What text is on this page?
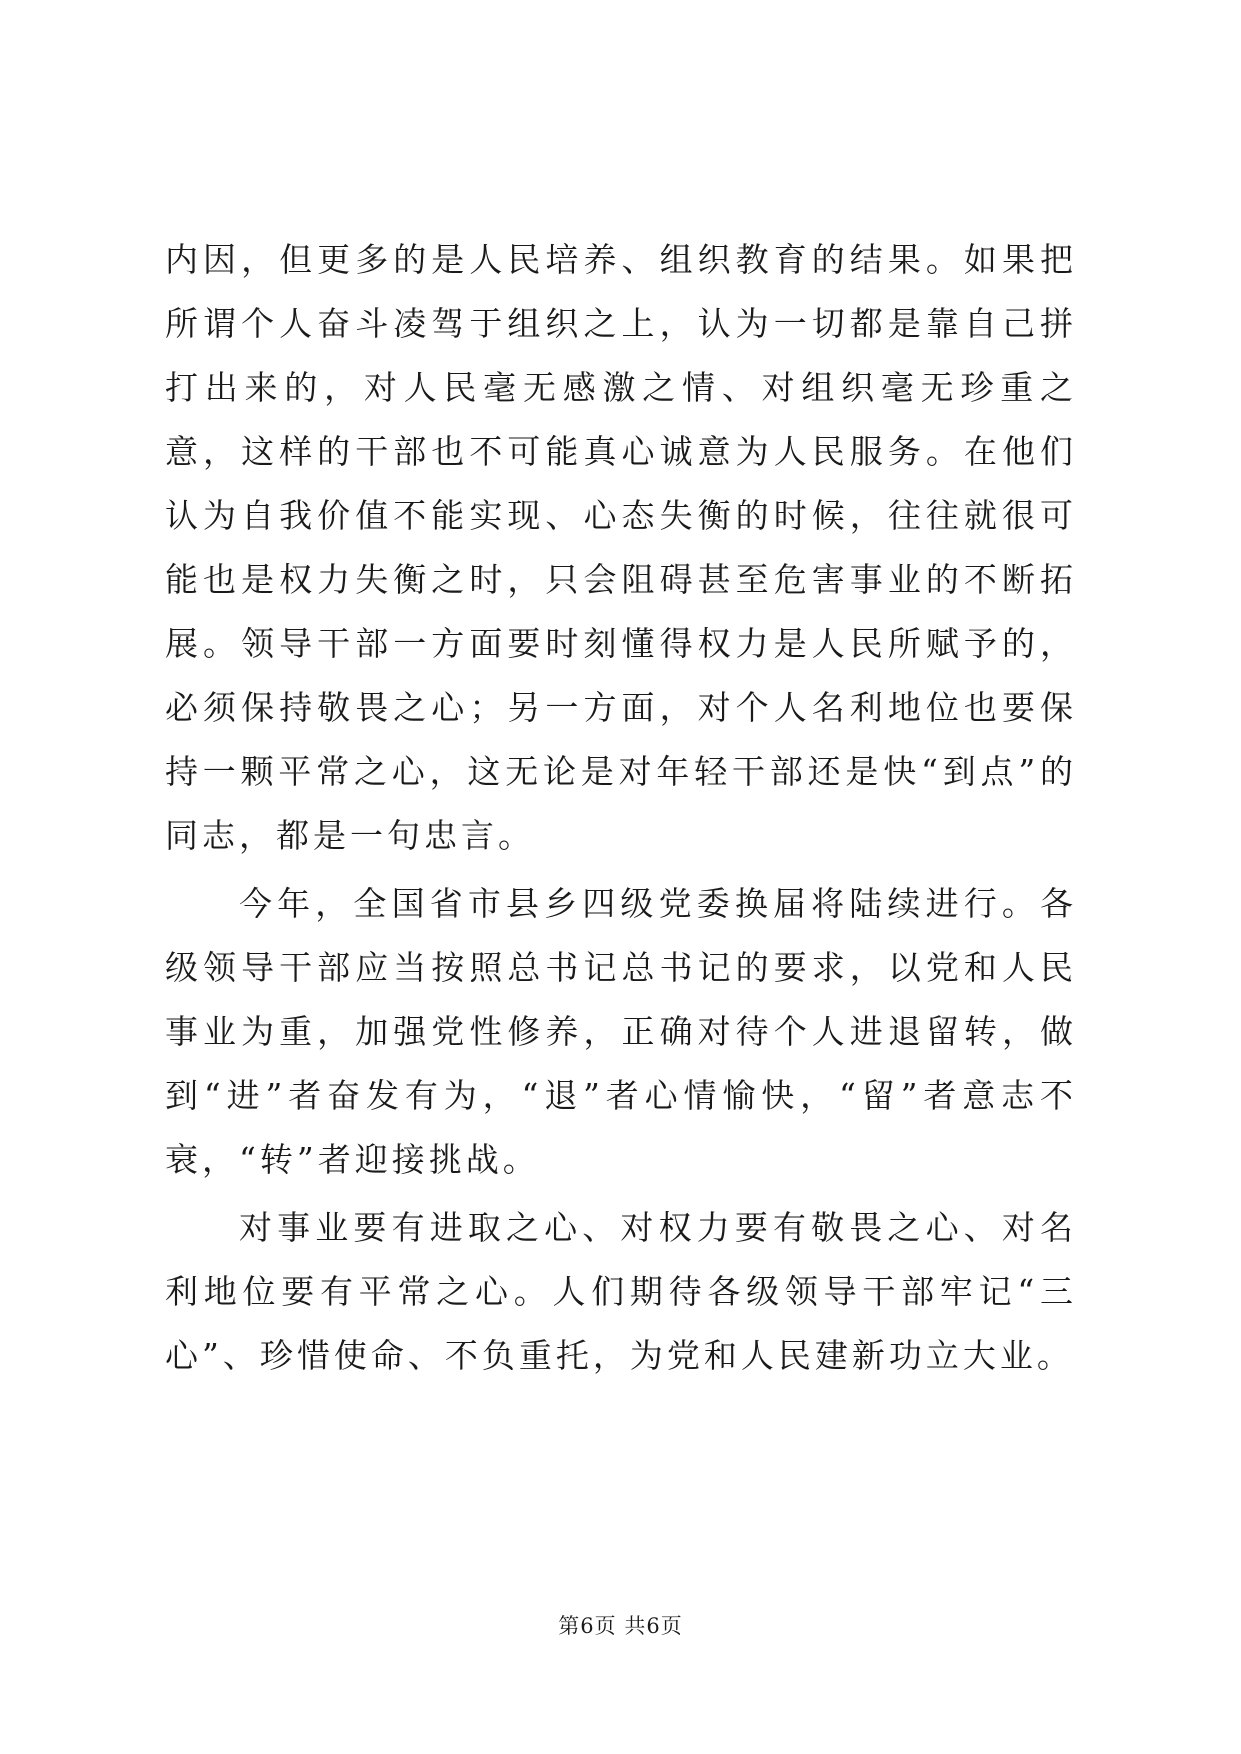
内因，但更多的是人民培养、组织教育的结果。如果把所谓个人奋斗凌驾于组织之上，认为一切都是靠自己拼打出来的，对人民毫无感激之情、对组织毫无珍重之意，这样的干部也不可能真心诚意为人民服务。在他们认为自我价值不能实现、心态失衡的时候，往往就很可能也是权力失衡之时，只会阻碍甚至危害事业的不断拓展。领导干部一方面要时刻懂得权力是人民所赋予的，必须保持敬畏之心；另一方面，对个人名利地位也要保持一颗平常之心，这无论是对年轻干部还是快“到点”的同志，都是一句忠言。

今年，全国省市县乡四级党委换届将陆续进行。各级领导干部应当按照总书记总书记的要求，以党和人民事业为重，加强党性修养，正确对待个人进退留转，做到“进”者奋发有为，“退”者心情愉快，“留”者意志不衰，“转”者迎接挑战。

对事业要有进取之心、对权力要有敬畏之心、对名利地位要有平常之心。人们期待各级领导干部牢记“三心”、珍惜使命、不负重托，为党和人民建新功立大业。

第6页 共6页
